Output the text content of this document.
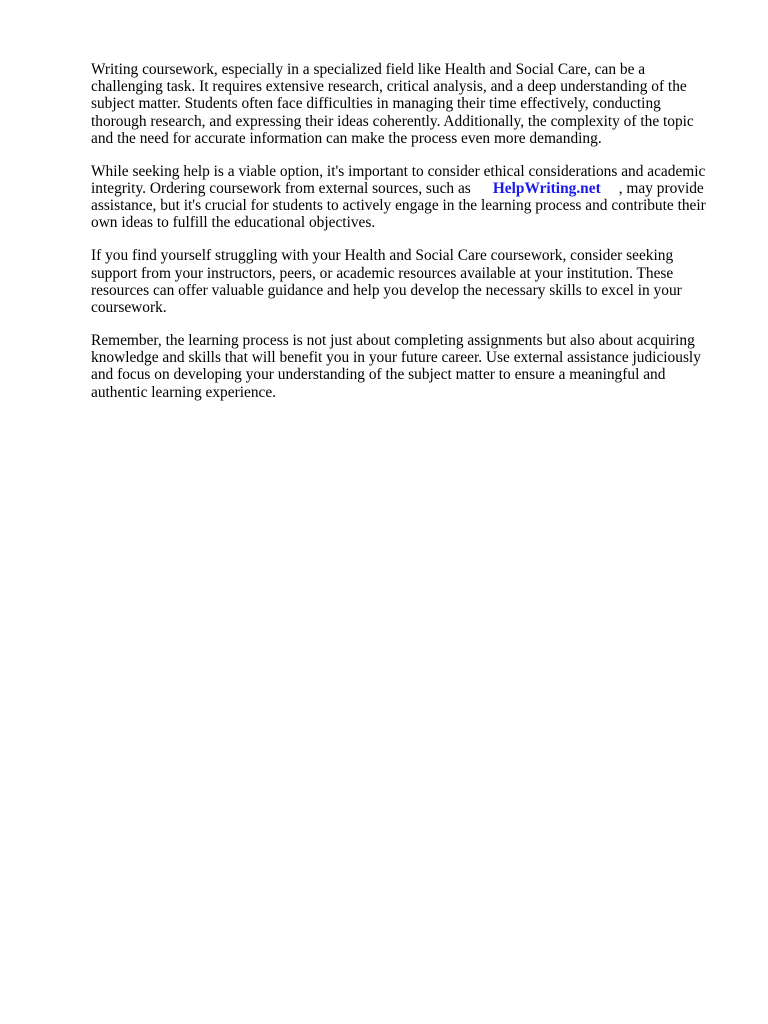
Writing coursework, especially in a specialized field like Health and Social Care, can be a challenging task. It requires extensive research, critical analysis, and a deep understanding of the subject matter. Students often face difficulties in managing their time effectively, conducting thorough research, and expressing their ideas coherently. Additionally, the complexity of the topic and the need for accurate information can make the process even more demanding.

While seeking help is a viable option, it's important to consider ethical considerations and academic integrity. Ordering coursework from external sources, such as HelpWriting.net , may provide assistance, but it's crucial for students to actively engage in the learning process and contribute their own ideas to fulfill the educational objectives.

If you find yourself struggling with your Health and Social Care coursework, consider seeking support from your instructors, peers, or academic resources available at your institution. These resources can offer valuable guidance and help you develop the necessary skills to excel in your coursework.

Remember, the learning process is not just about completing assignments but also about acquiring knowledge and skills that will benefit you in your future career. Use external assistance judiciously and focus on developing your understanding of the subject matter to ensure a meaningful and authentic learning experience.
